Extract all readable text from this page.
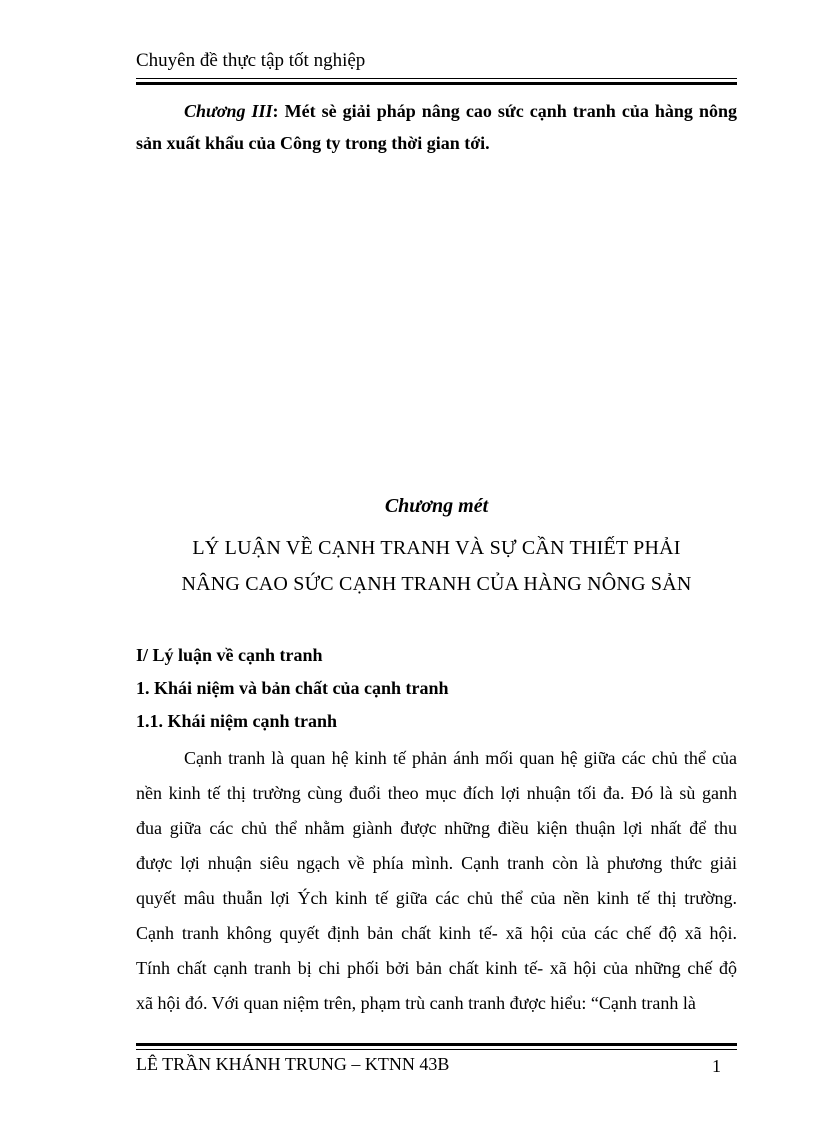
Chuyên đề thực tập tốt nghiệp
Chương III: Mét sè giải pháp nâng cao sức cạnh tranh của hàng nông
sản xuất khẩu của Công ty trong thời gian tới.
Chương mét
LÝ LUẬN VỀ CẠNH TRANH VÀ SỰ CẦN THIẾT PHẢI
NÂNG CAO SỨC CẠNH TRANH CỦA HÀNG NÔNG SẢN
I/ Lý luận về cạnh tranh
1. Khái niệm và bản chất của cạnh tranh
1.1. Khái niệm cạnh tranh
Cạnh tranh là quan hệ kinh tế phản ánh mối quan hệ giữa các chủ thể của
nền kinh tế thị trường cùng đuổi theo mục đích lợi nhuận tối đa. Đó là sù ganh
đua giữa các chủ thể nhằm giành được những điều kiện thuận lợi nhất để thu
được lợi nhuận siêu ngạch về phía mình. Cạnh tranh còn là phương thức giải
quyết mâu thuẫn lợi Ých kinh tế giữa các chủ thể của nền kinh tế thị trường.
Cạnh tranh không quyết định bản chất kinh tế- xã hội của các chế độ xã hội.
Tính chất cạnh tranh bị chi phối bởi bản chất kinh tế- xã hội của những chế độ
xã hội đó. Với quan niệm trên, phạm trù canh tranh được hiểu: “Cạnh tranh là
LÊ TRẦN KHÁNH TRUNG – KTNN 43B	1
